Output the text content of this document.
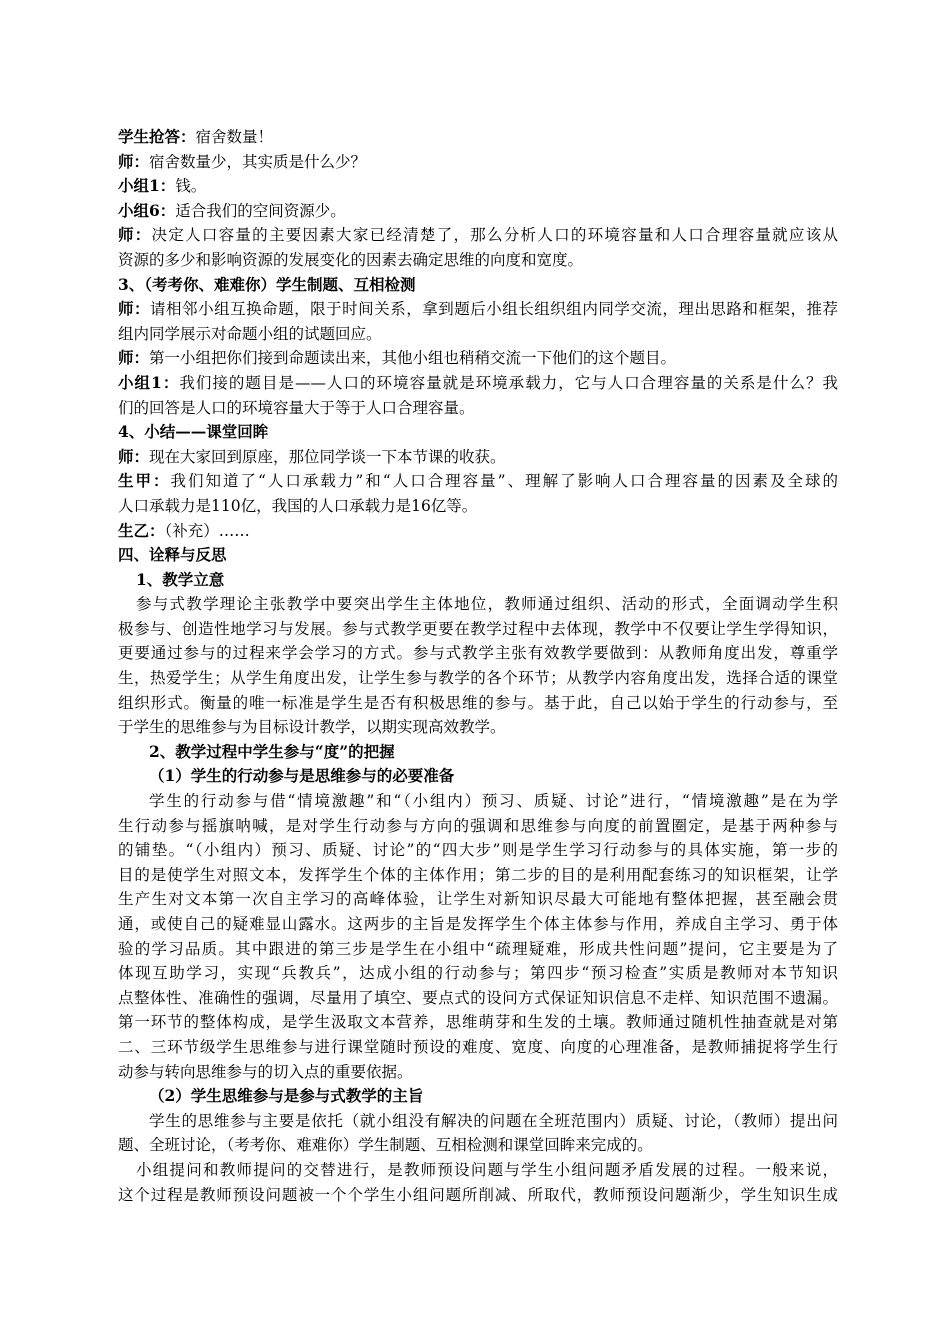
学生抢答：宿舍数量！
师：宿舍数量少，其实质是什么少？
小组1：钱。
小组6：适合我们的空间资源少。
师：决定人口容量的主要因素大家已经清楚了，那么分析人口的环境容量和人口合理容量就应该从
资源的多少和影响资源的发展变化的因素去确定思维的向度和宽度。
3、（考考你、难难你）学生制题、互相检测
师：请相邻小组互换命题，限于时间关系，拿到题后小组长组织组内同学交流，理出思路和框架，推荐
组内同学展示对命题小组的试题回应。
师：第一小组把你们接到命题读出来，其他小组也稍稍交流一下他们的这个题目。
小组1：我们接的题目是——人口的环境容量就是环境承载力，它与人口合理容量的关系是什么？我
们的回答是人口的环境容量大于等于人口合理容量。
4、小结——课堂回眸
师：现在大家回到原座，那位同学谈一下本节课的收获。
生甲：我们知道了“人口承载力”和“人口合理容量”、理解了影响人口合理容量的因素及全球的
人口承载力是110亿，我国的人口承载力是16亿等。
生乙：（补充）……
四、诠释与反思
1、教学立意
参与式教学理论主张教学中要突出学生主体地位，教师通过组织、活动的形式，全面调动学生积
极参与、创造性地学习与发展。参与式教学更要在教学过程中去体现，教学中不仅要让学生学得知识，
更要通过参与的过程来学会学习的方式。参与式教学主张有效教学要做到：从教师角度出发，尊重学
生，热爱学生；从学生角度出发，让学生参与教学的各个环节；从教学内容角度出发，选择合适的课堂
组织形式。衡量的唯一标准是学生是否有积极思维的参与。基于此，自己以始于学生的行动参与，至
于学生的思维参与为目标设计教学，以期实现高效教学。
2、教学过程中学生参与“度”的把握
（1）学生的行动参与是思维参与的必要准备
学生的行动参与借“情境激趣”和“（小组内）预习、质疑、讨论”进行，“情境激趣”是在为学
生行动参与摇旗呐喊，是对学生行动参与方向的强调和思维参与向度的前置圈定，是基于两种参与
的铺垫。“（小组内）预习、质疑、讨论”的“四大步”则是学生学习行动参与的具体实施，第一步的
目的是使学生对照文本，发挥学生个体的主体作用；第二步的目的是利用配套练习的知识框架，让学
生产生对文本第一次自主学习的高峰体验，让学生对新知识尽最大可能地有整体把握，甚至融会贯
通，或使自己的疑难显山露水。这两步的主旨是发挥学生个体主体参与作用，养成自主学习、勇于体
验的学习品质。其中跟进的第三步是学生在小组中“疏理疑难，形成共性问题”提问，它主要是为了
体现互助学习，实现“兵教兵”，达成小组的行动参与；第四步“预习检查”实质是教师对本节知识
点整体性、准确性的强调，尽量用了填空、要点式的设问方式保证知识信息不走样、知识范围不遗漏。
第一环节的整体构成，是学生汲取文本营养，思维萌芽和生发的土壤。教师通过随机性抽查就是对第
二、三环节级学生思维参与进行课堂随时预设的难度、宽度、向度的心理准备，是教师捕捉将学生行
动参与转向思维参与的切入点的重要依据。
（2）学生思维参与是参与式教学的主旨
学生的思维参与主要是依托（就小组没有解决的问题在全班范围内）质疑、讨论，（教师）提出问
题、全班讨论，（考考你、难难你）学生制题、互相检测和课堂回眸来完成的。
小组提问和教师提问的交替进行，是教师预设问题与学生小组问题矛盾发展的过程。一般来说，
这个过程是教师预设问题被一个个学生小组问题所削减、所取代，教师预设问题渐少，学生知识生成
